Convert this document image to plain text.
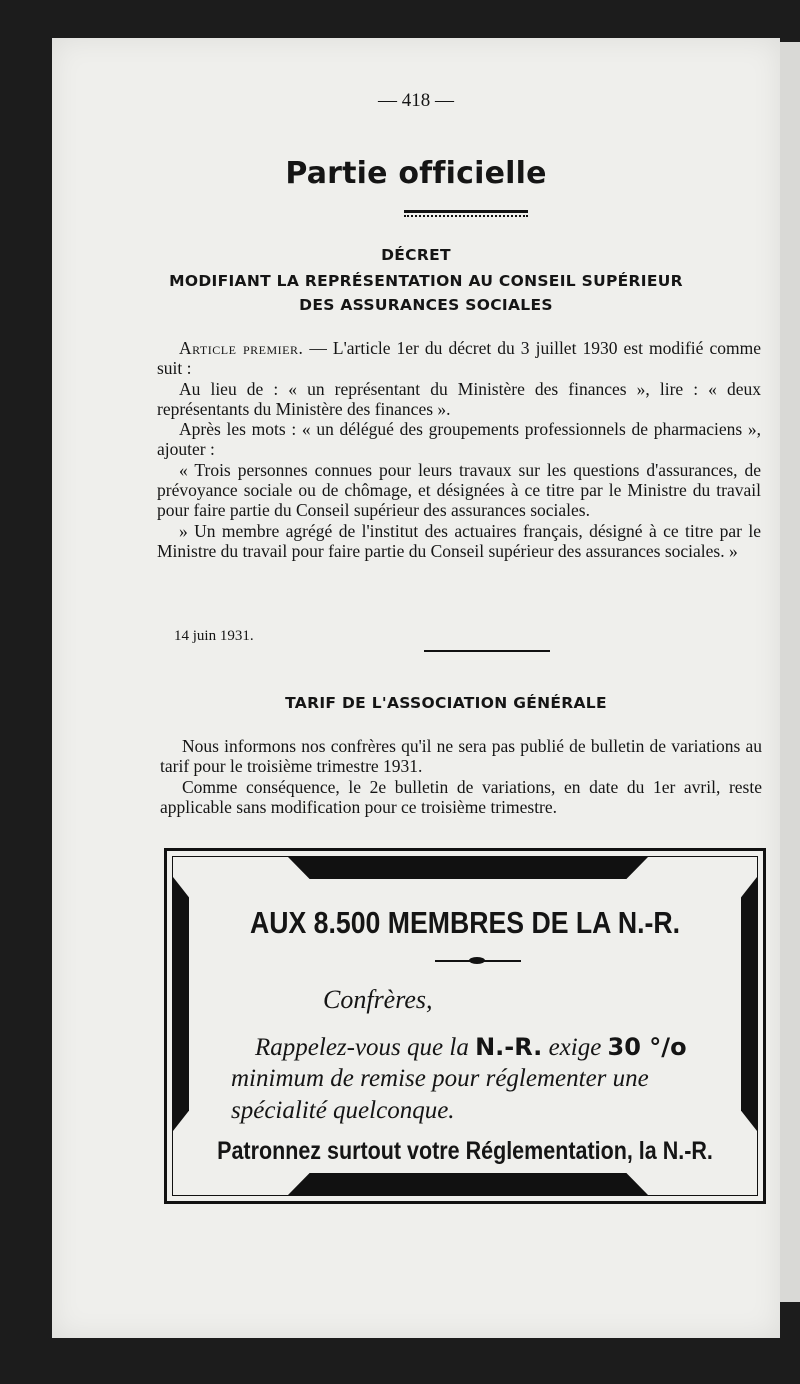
— 418 —
Partie officielle
DÉCRET
MODIFIANT LA REPRÉSENTATION AU CONSEIL SUPÉRIEUR
DES ASSURANCES SOCIALES

Article premier. — L'article 1er du décret du 3 juillet 1930 est modifié comme suit :

Au lieu de : « un représentant du Ministère des finances », lire : « deux représentants du Ministère des finances ».

Après les mots : « un délégué des groupements professionnels de pharmaciens », ajouter :

« Trois personnes connues pour leurs travaux sur les questions d'assurances, de prévoyance sociale ou de chômage, et désignées à ce titre par le Ministre du travail pour faire partie du Conseil supérieur des assurances sociales.

» Un membre agrégé de l'institut des actuaires français, désigné à ce titre par le Ministre du travail pour faire partie du Conseil supérieur des assurances sociales. »

14 juin 1931.
TARIF DE L'ASSOCIATION GÉNÉRALE

Nous informons nos confrères qu'il ne sera pas publié de bulletin de variations au tarif pour le troisième trimestre 1931.

Comme conséquence, le 2e bulletin de variations, en date du 1er avril, reste applicable sans modification pour ce troisième trimestre.

AUX 8.500 MEMBRES DE LA N.-R.
Confrères,
Rappelez-vous que la N.-R. exige 30 °/o
minimum de remise pour réglementer une
spécialité quelconque.
Patronnez surtout votre Réglementation, la N.-R.
